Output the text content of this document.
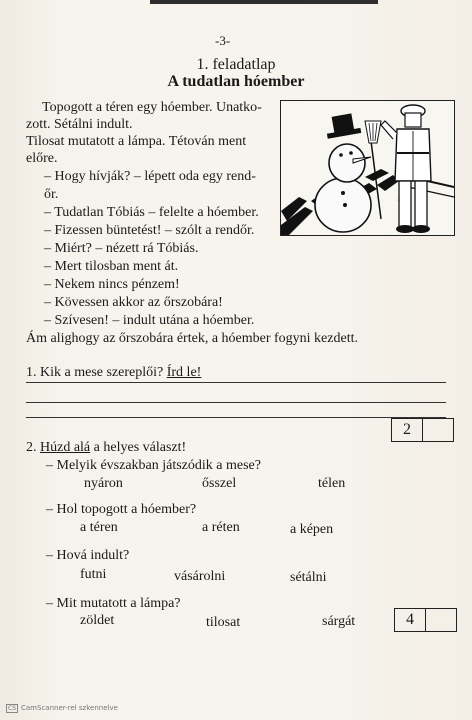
-3-
1. feladatlap
A tudatlan hóember
Topogott a téren egy hóember. Unatko-
zott. Sétálni indult.
Tilosat mutatott a lámpa. Tétován ment
előre.
– Hogy hívják? – lépett oda egy rend-
őr.
– Tudatlan Tóbiás – felelte a hóember.
– Fizessen büntetést! – szólt a rendőr.
– Miért? – nézett rá Tóbiás.
– Mert tilosban ment át.
– Nekem nincs pénzem!
– Kövessen akkor az őrszobára!
– Szívesen! – indult utána a hóember.
Ám alighogy az őrszobára értek, a hóember fogyni kezdett.
1. Kik a mese szereplői? Írd le!
2
2. Húzd alá a helyes választ!
– Melyik évszakban játszódik a mese?
nyáron	ősszel	télen
– Hol topogott a hóember?
a téren	a réten	a képen
– Hová indult?
futni	vásárolni	sétálni
– Mit mutatott a lámpa?
zöldet	tilosat	sárgát	4
CS CamScanner-rel szkennelve
